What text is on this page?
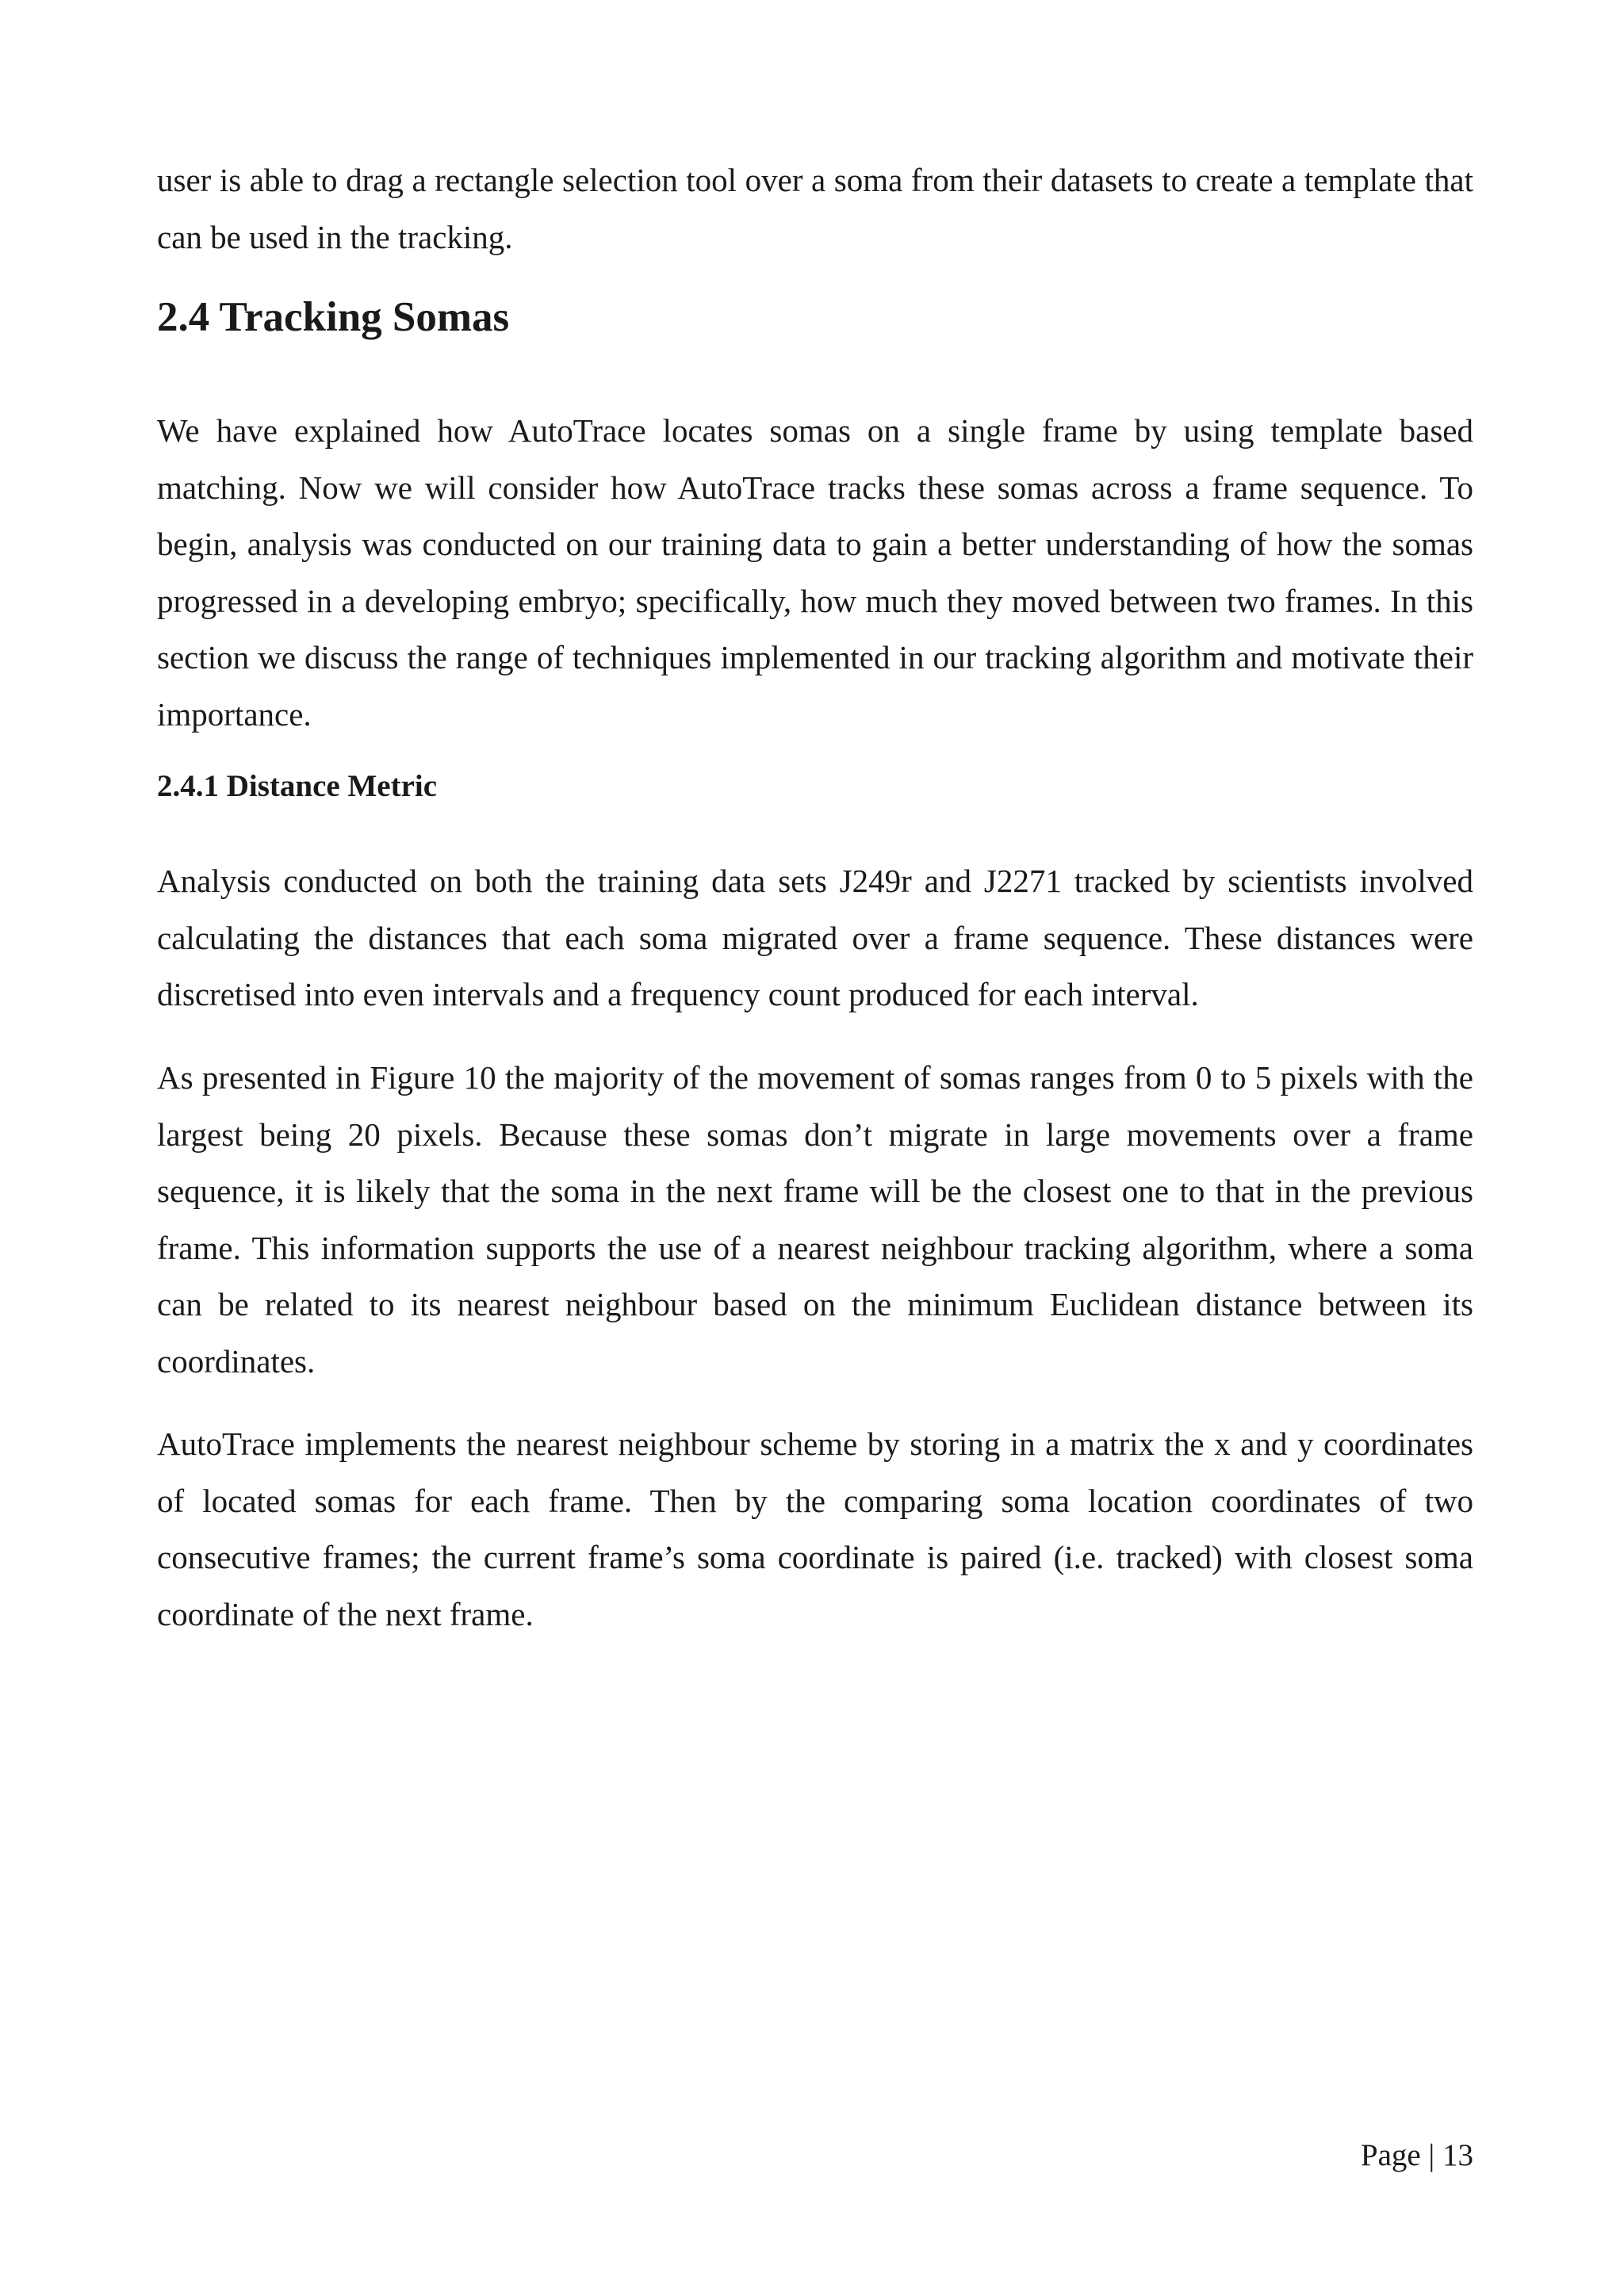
user is able to drag a rectangle selection tool over a soma from their datasets to create a template that can be used in the tracking.

2.4 Tracking Somas

We have explained how AutoTrace locates somas on a single frame by using template based matching. Now we will consider how AutoTrace tracks these somas across a frame sequence. To begin, analysis was conducted on our training data to gain a better understanding of how the somas progressed in a developing embryo; specifically, how much they moved between two frames. In this section we discuss the range of techniques implemented in our tracking algorithm and motivate their importance.

2.4.1 Distance Metric

Analysis conducted on both the training data sets J249r and J2271 tracked by scientists involved calculating the distances that each soma migrated over a frame sequence. These distances were discretised into even intervals and a frequency count produced for each interval.

As presented in Figure 10 the majority of the movement of somas ranges from 0 to 5 pixels with the largest being 20 pixels. Because these somas don’t migrate in large movements over a frame sequence, it is likely that the soma in the next frame will be the closest one to that in the previous frame. This information supports the use of a nearest neighbour tracking algorithm, where a soma can be related to its nearest neighbour based on the minimum Euclidean distance between its coordinates.

AutoTrace implements the nearest neighbour scheme by storing in a matrix the x and y coordinates of located somas for each frame. Then by the comparing soma location coordinates of two consecutive frames; the current frame’s soma coordinate is paired (i.e. tracked) with closest soma coordinate of the next frame.

Page | 13
